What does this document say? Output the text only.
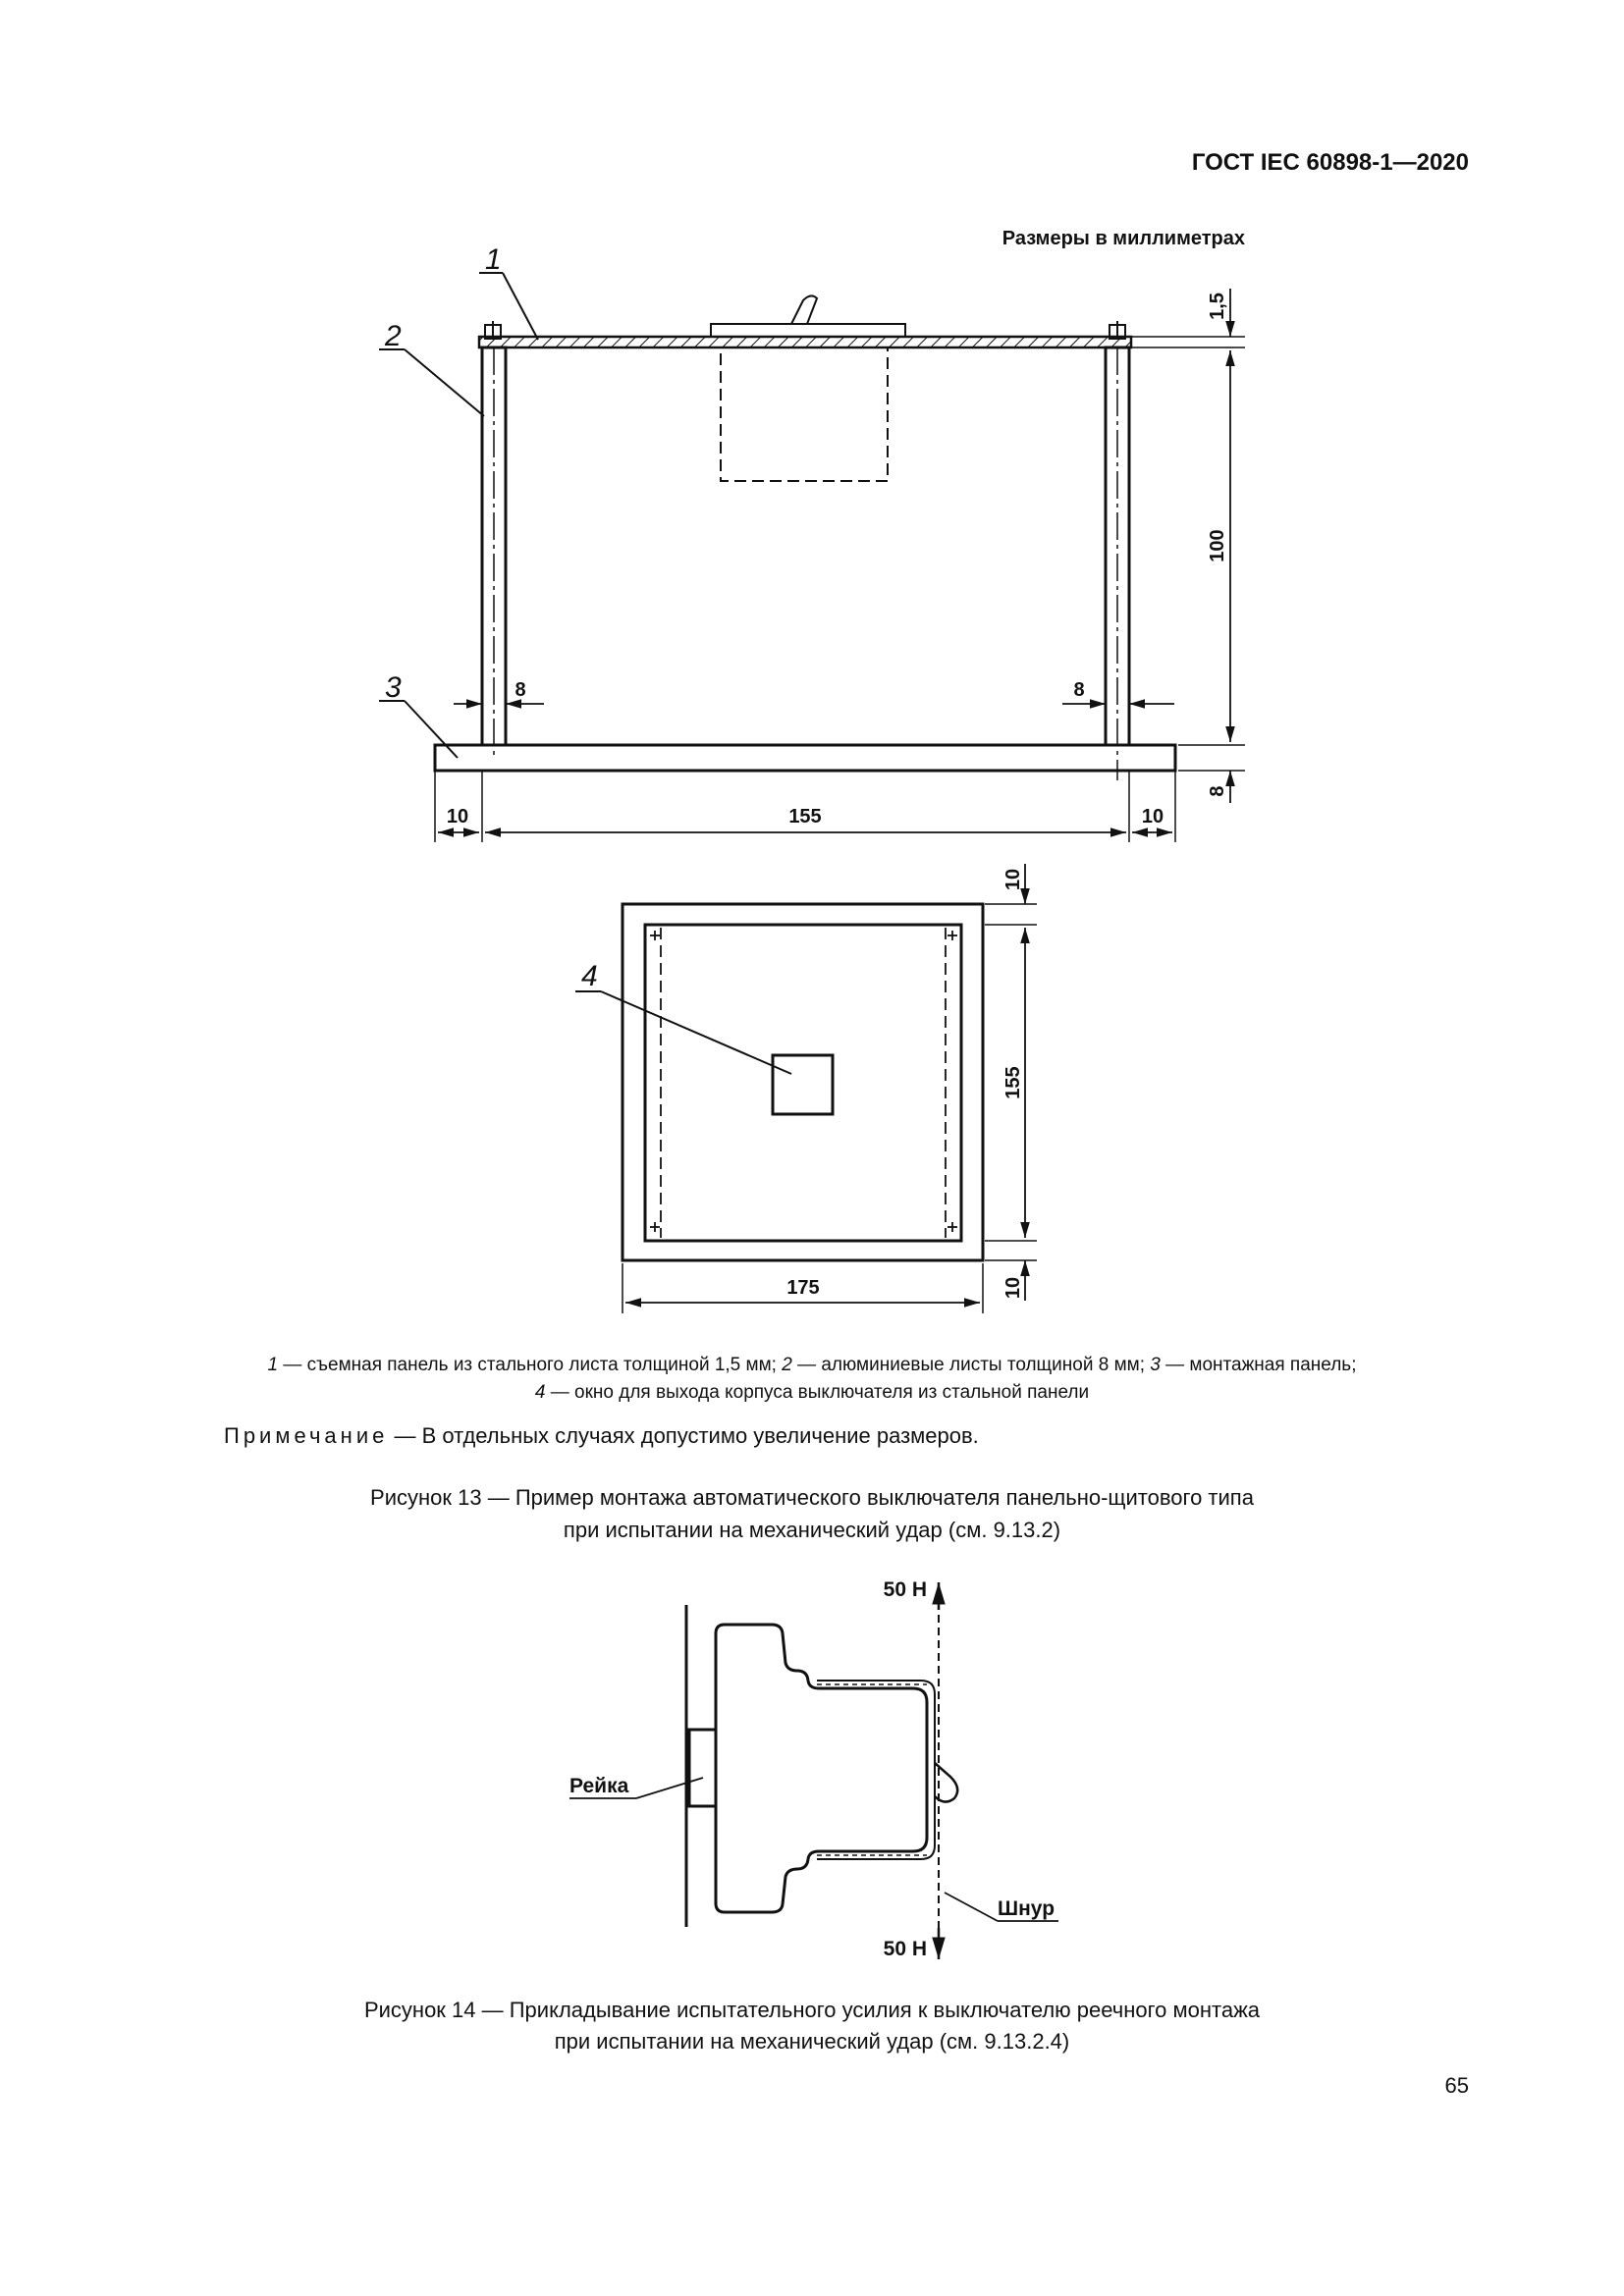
ГОСТ IEC 60898-1—2020
Размеры в миллиметрах
1
2
3	8	8
10	155	10
1,5
100
8
4
10
155
10
175
50 Н
50 Н
Рейка
Шнур
1 — съемная панель из стального листа толщиной 1,5 мм; 2 — алюминиевые листы толщиной 8 мм; 3 — монтажная панель;
4 — окно для выхода корпуса выключателя из стальной панели
Примечание — В отдельных случаях допустимо увеличение размеров.
Рисунок 13 — Пример монтажа автоматического выключателя панельно-щитового типа
при испытании на механический удар (см. 9.13.2)
Рисунок 14 — Прикладывание испытательного усилия к выключателю реечного монтажа
при испытании на механический удар (см. 9.13.2.4)
65
